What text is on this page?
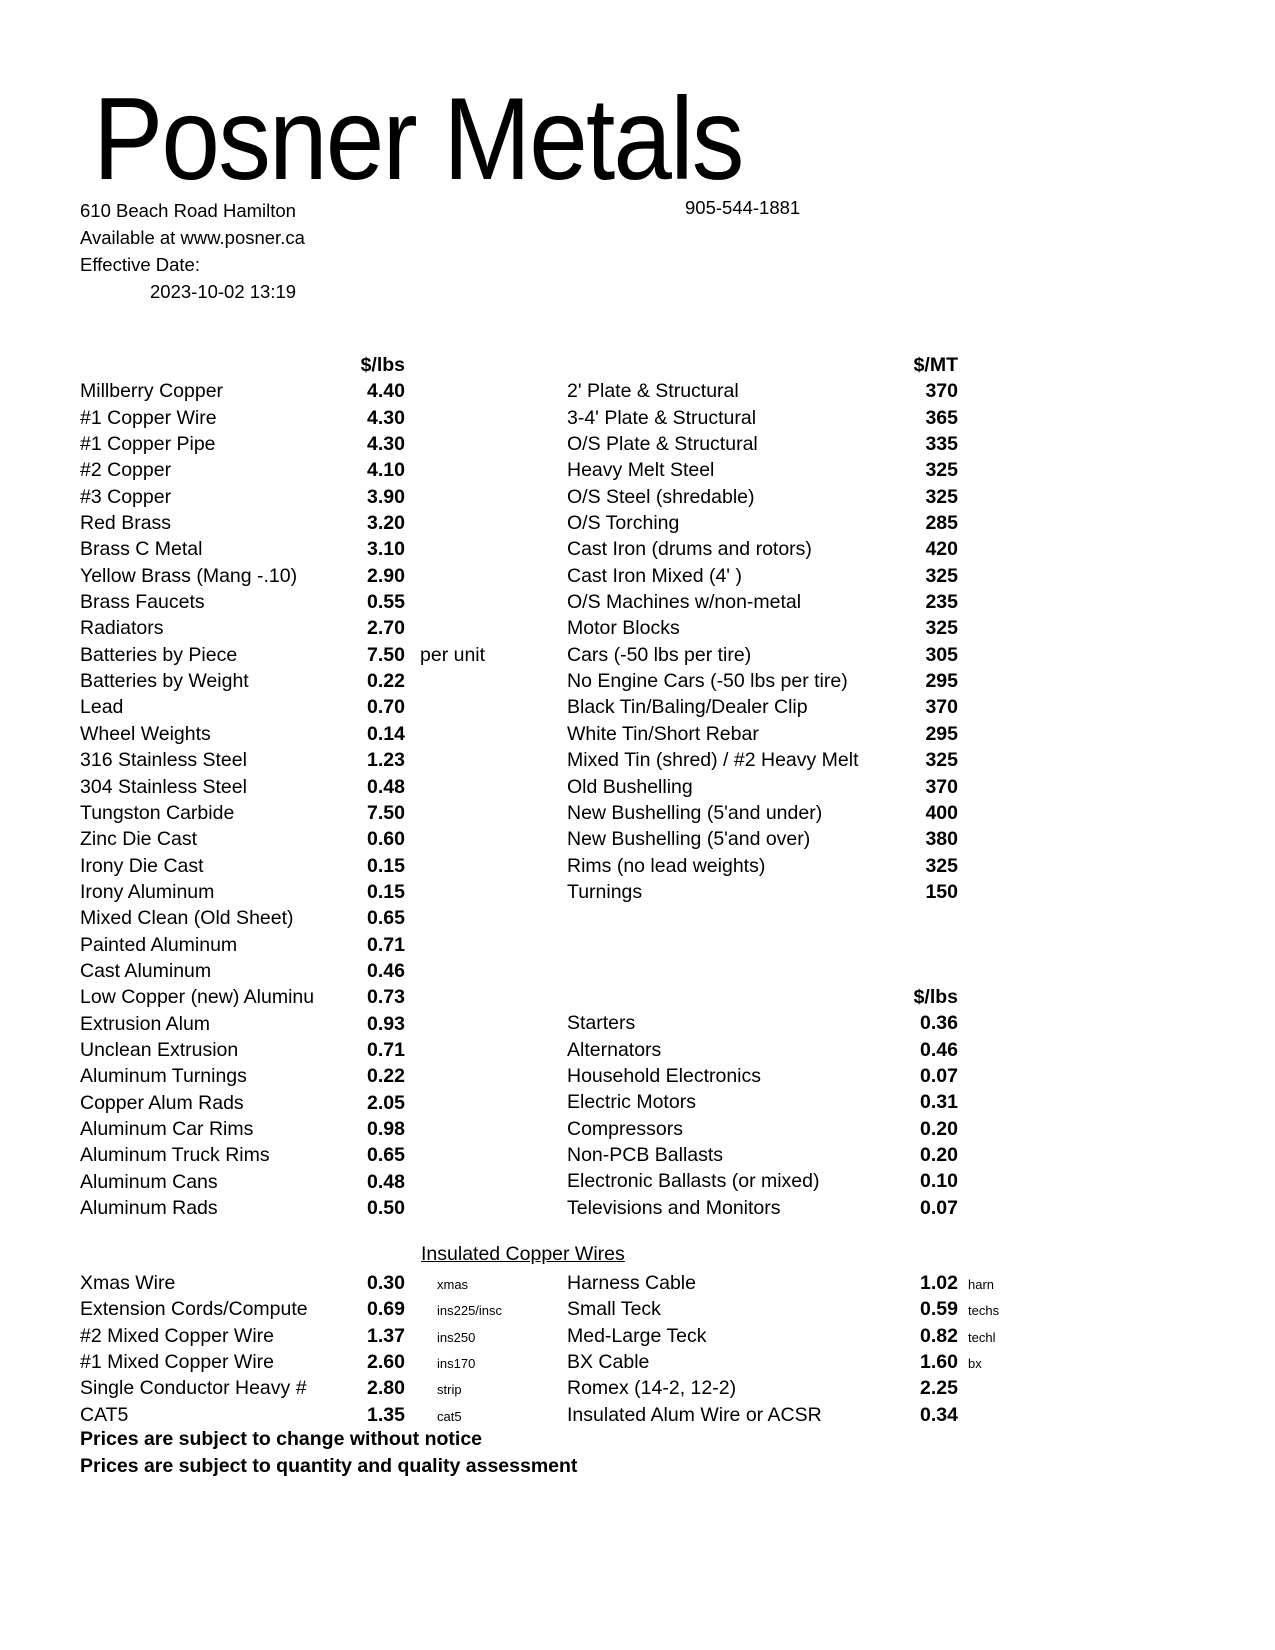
Posner Metals
610 Beach Road Hamilton
Available at www.posner.ca
Effective Date:
2023-10-02 13:19
905-544-1881
$/lbs
Millberry Copper	4.40
#1 Copper Wire	4.30
#1 Copper Pipe	4.30
#2 Copper	4.10
#3 Copper	3.90
Red Brass	3.20
Brass C Metal	3.10
Yellow Brass (Mang -.10)	2.90
Brass Faucets	0.55
Radiators	2.70
Batteries by Piece	7.50 per unit
Batteries by Weight	0.22
Lead	0.70
Wheel Weights	0.14
316 Stainless Steel	1.23
304 Stainless Steel	0.48
Tungston Carbide	7.50
Zinc Die Cast	0.60
Irony Die Cast	0.15
Irony Aluminum	0.15
Mixed Clean (Old Sheet)	0.65
Painted Aluminum	0.71
Cast Aluminum	0.46
Low Copper (new) Aluminu	0.73
Extrusion Alum	0.93
Unclean Extrusion	0.71
Aluminum Turnings	0.22
Copper Alum Rads	2.05
Aluminum Car Rims	0.98
Aluminum Truck Rims	0.65
Aluminum Cans	0.48
Aluminum Rads	0.50
$/MT
2' Plate & Structural	370
3-4' Plate & Structural	365
O/S Plate & Structural	335
Heavy Melt Steel	325
O/S Steel (shredable)	325
O/S Torching	285
Cast Iron (drums and rotors)	420
Cast Iron Mixed (4' )	325
O/S Machines w/non-metal	235
Motor Blocks	325
Cars (-50 lbs per tire)	305
No Engine Cars (-50 lbs per tire)	295
Black Tin/Baling/Dealer Clip	370
White Tin/Short Rebar	295
Mixed Tin (shred) / #2 Heavy Melt	325
Old Bushelling	370
New Bushelling (5'and under)	400
New Bushelling (5'and over)	380
Rims (no lead weights)	325
Turnings	150
$/lbs
Starters	0.36
Alternators	0.46
Household Electronics	0.07
Electric Motors	0.31
Compressors	0.20
Non-PCB Ballasts	0.20
Electronic Ballasts (or mixed)	0.10
Televisions and Monitors	0.07
Insulated Copper Wires
Xmas Wire	0.30 xmas
Extension Cords/Compute	0.69 ins225/insc
#2 Mixed Copper Wire	1.37 ins250
#1 Mixed Copper Wire	2.60 ins170
Single Conductor Heavy #	2.80 strip
CAT5	1.35 cat5
Harness Cable	1.02 harn
Small Teck	0.59 techs
Med-Large Teck	0.82 techl
BX Cable	1.60 bx
Romex (14-2, 12-2)	2.25
Insulated Alum Wire or ACSR	0.34
Prices are subject to change without notice
Prices are subject to quantity and quality assessment
